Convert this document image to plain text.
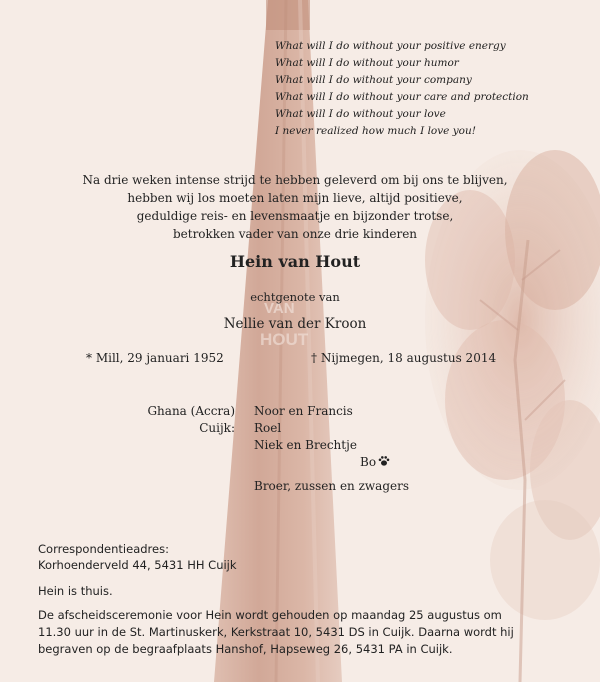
VAN
HOUT
What will I do without your positive energy
What will I do without your humor
What will I do without your company
What will I do without your care and protection
What will I do without your love
I never realized how much I love you!
Na drie weken intense strijd te hebben geleverd om bij ons te blijven,
hebben wij los moeten laten mijn lieve, altijd positieve,
geduldige reis- en levensmaatje en bijzonder trotse,
betrokken vader van onze drie kinderen
Hein van Hout
echtgenote van
Nellie van der Kroon
* Mill, 29 januari 1952	† Nijmegen, 18 augustus 2014
Ghana (Accra)
Cuijk:
Noor en Francis
Roel
Niek en Brechtje
Bo
Broer, zussen en zwagers
Correspondentieadres:
Korhoenderveld 44, 5431 HH Cuijk
Hein is thuis.
De afscheidsceremonie voor Hein wordt gehouden op maandag 25 augustus om
11.30 uur in de St. Martinuskerk, Kerkstraat 10, 5431 DS in Cuijk. Daarna wordt hij
begraven op de begraafplaats Hanshof, Hapseweg 26, 5431 PA in Cuijk.
